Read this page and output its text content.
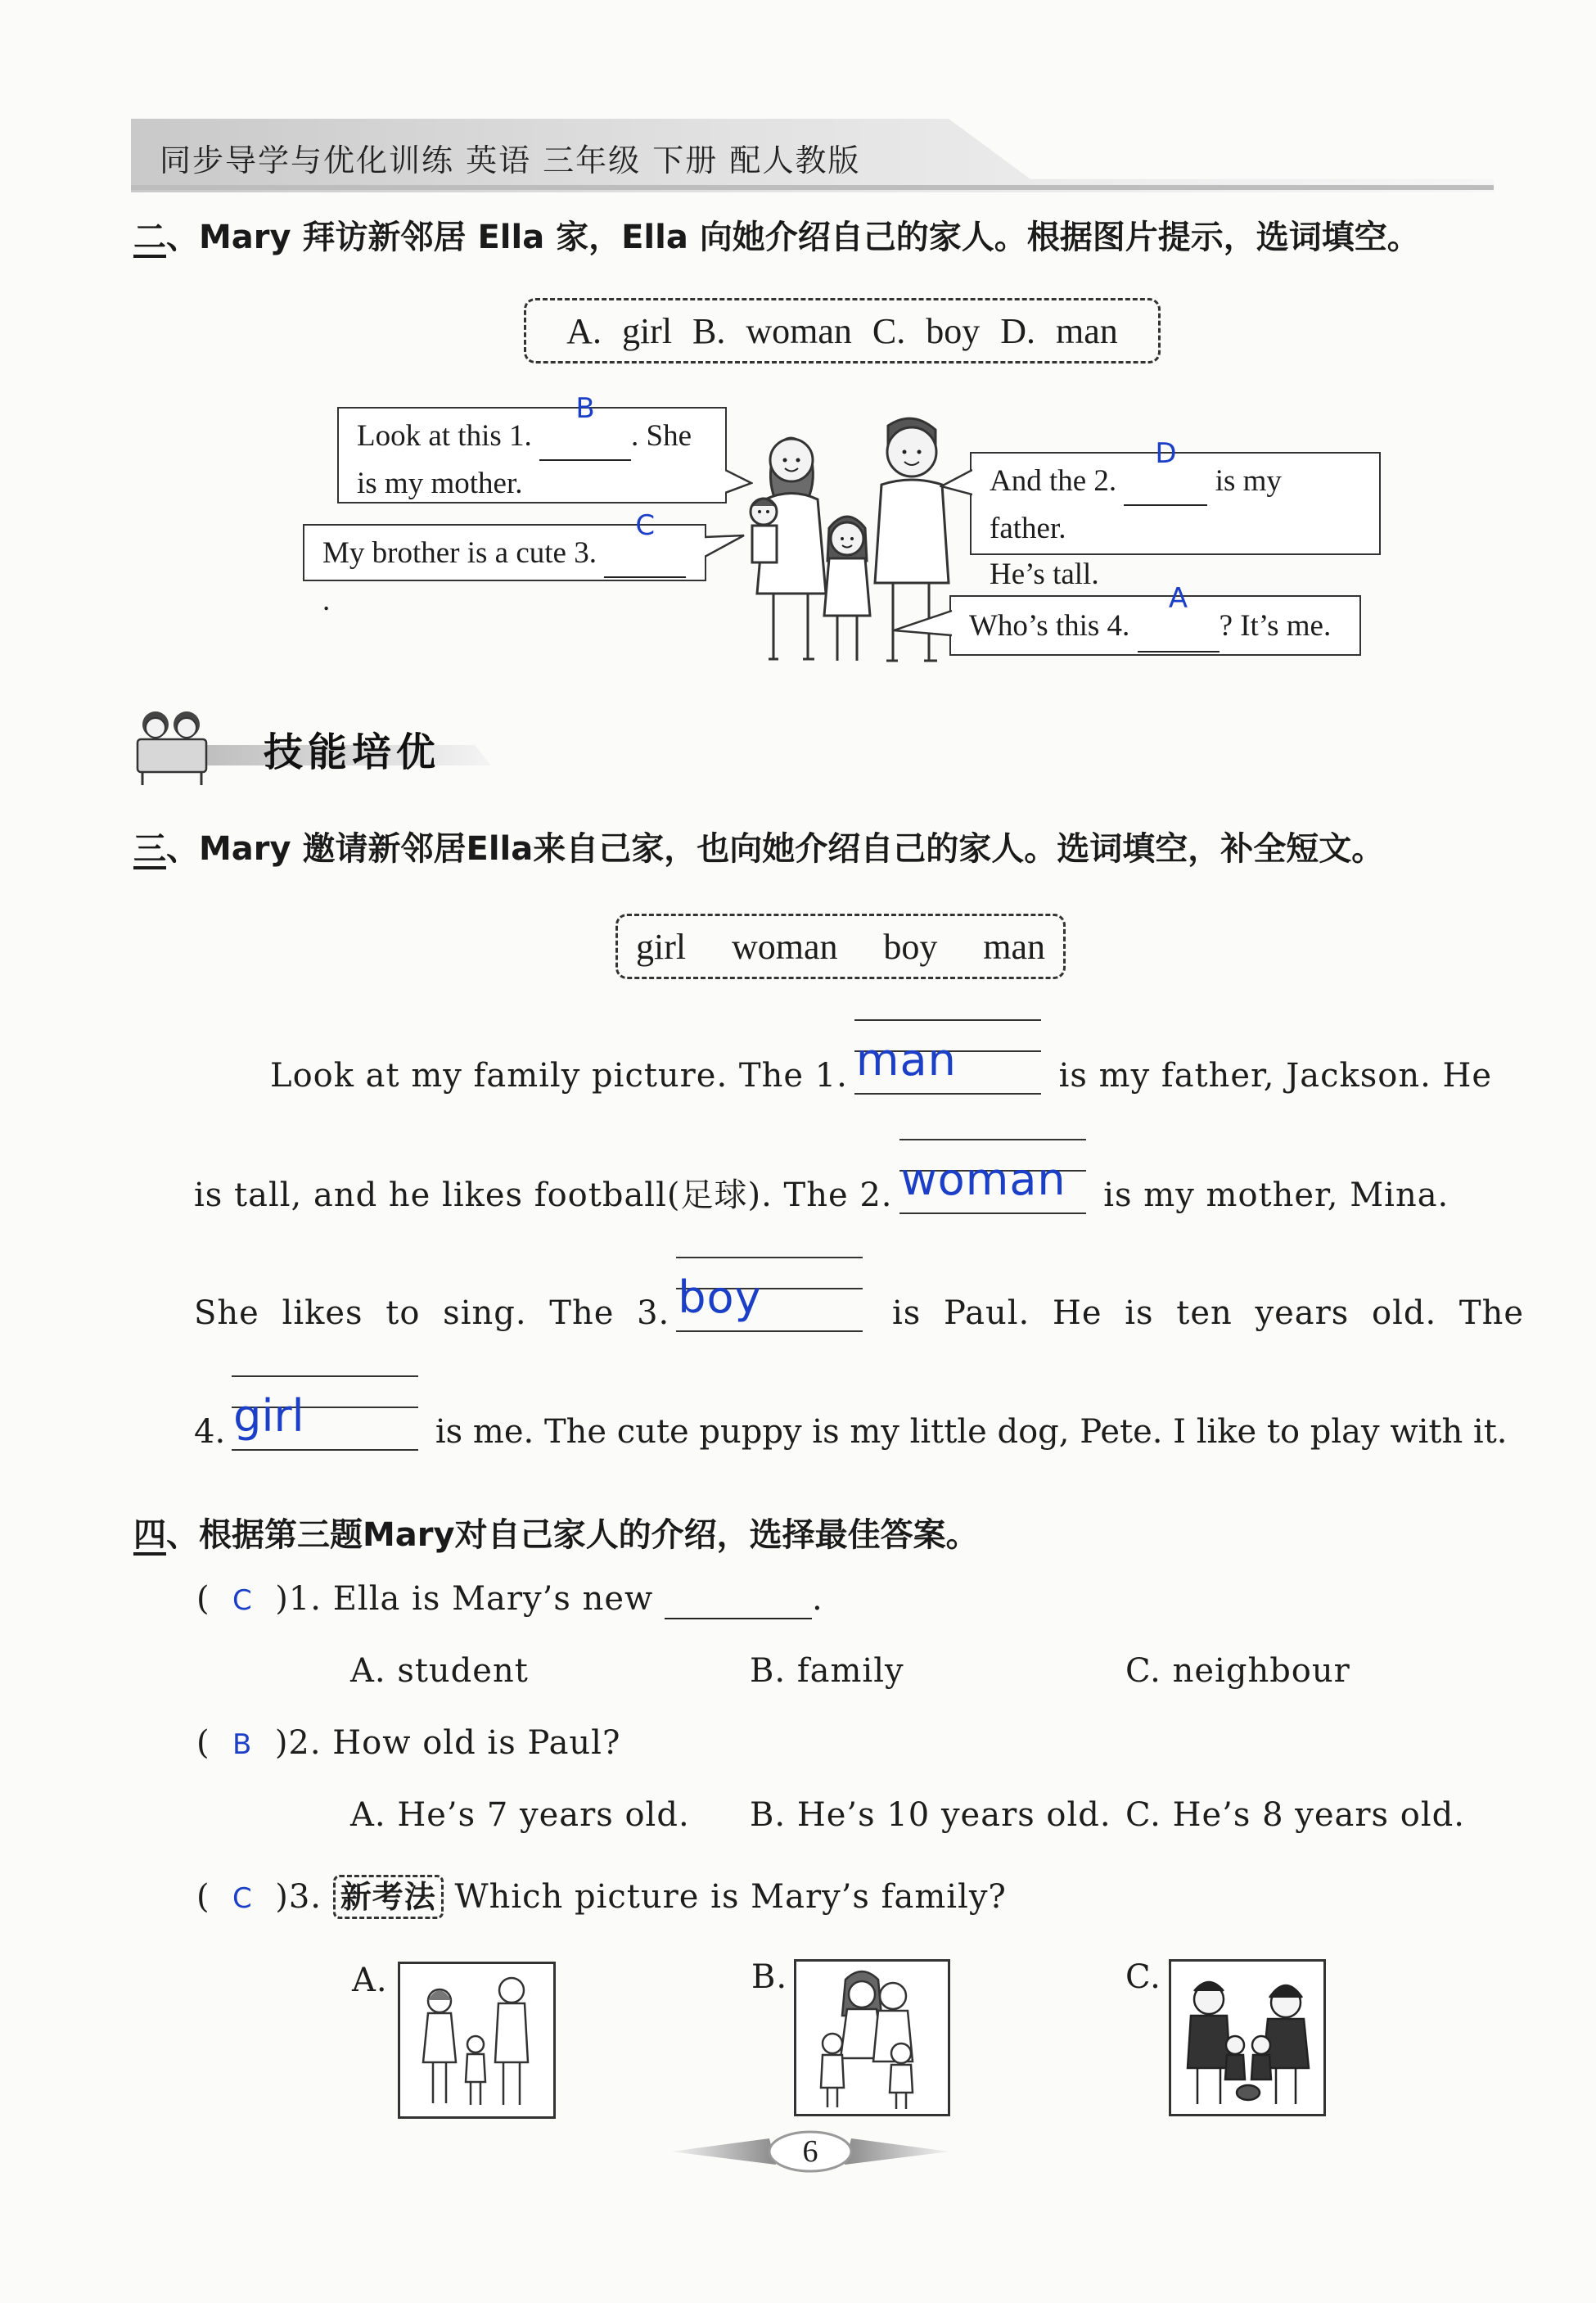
同步导学与优化训练 英语 三年级 下册 配人教版
二、Mary 拜访新邻居 Ella 家，Ella 向她介绍自己的家人。根据图片提示，选词填空。
A. girl B. woman C. boy D. man
Look at this 1.
B
. She
is my mother.	And the 2.
D
is my father.
He’s tall.
My brother is a cute 3.
C
.
Who’s this 4.
A
? It’s me.
技能培优
三、Mary 邀请新邻居Ella来自己家，也向她介绍自己的家人。选词填空，补全短文。
girl woman boy man
Look at my family picture. The 1. man	is my father, Jackson. He
is tall, and he likes football(足球). The 2. woman is my mother, Mina.
She likes to sing. The 3. boy	is Paul. He is ten years old. The
4. girl	is me. The cute puppy is my little dog, Pete. I like to play with it.
四、根据第三题Mary对自己家人的介绍，选择最佳答案。
(  C )1. Ella is Mary’s new	.
A. student	B. family	C. neighbour
(  B )2. How old is Paul?
A. He’s 7 years old. B. He’s 10 years old. C. He’s 8 years old.
(  C  )3. 新考法 Which picture is Mary’s family?
A.	B.	C.
6
